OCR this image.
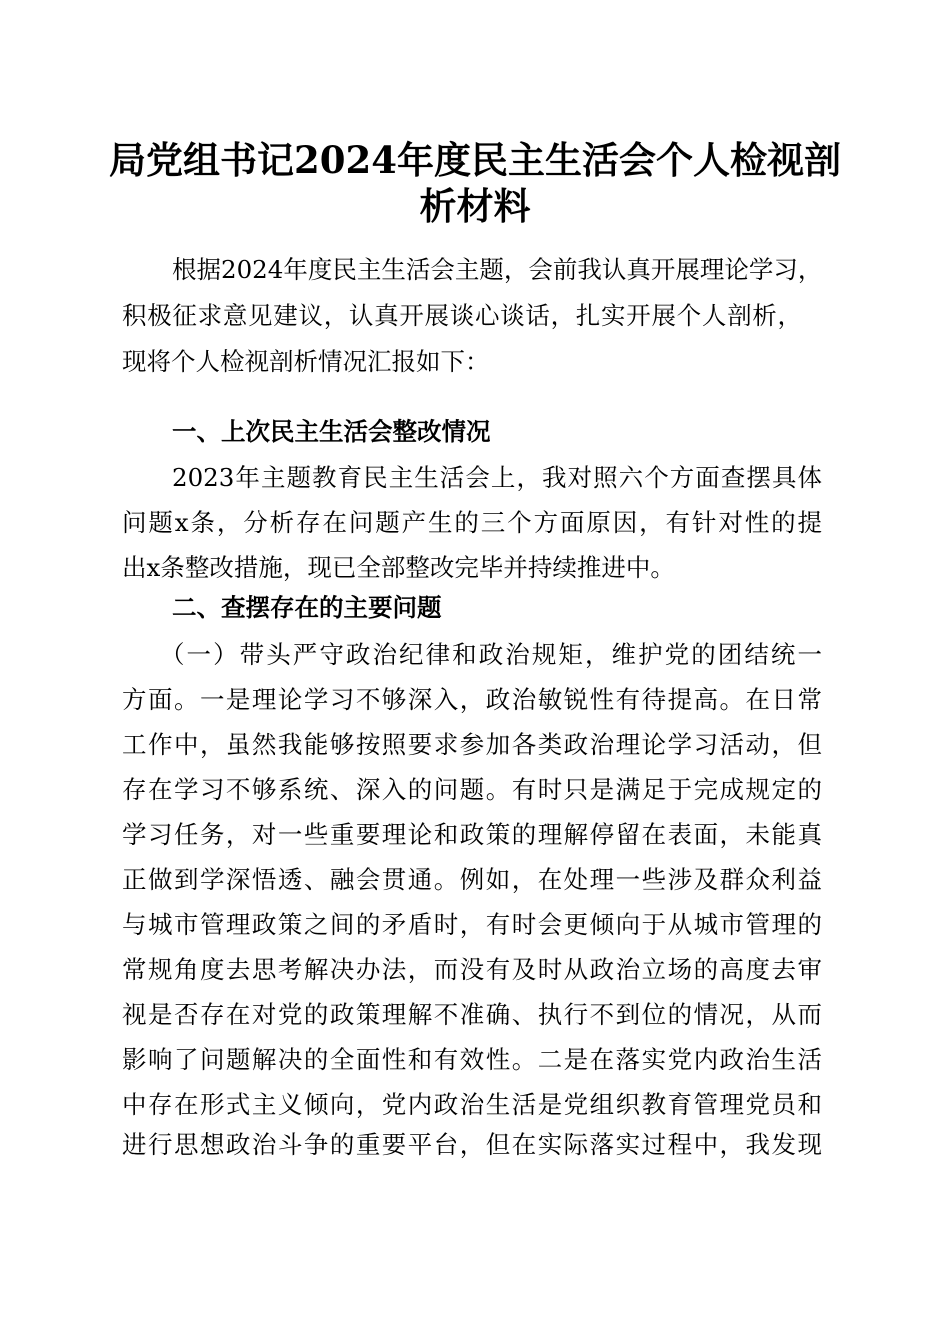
局党组书记2024年度民主生活会个人检视剖
析材料
根据2024年度民主生活会主题，会前我认真开展理论学习，
积极征求意见建议，认真开展谈心谈话，扎实开展个人剖析，
现将个人检视剖析情况汇报如下：
一、上次民主生活会整改情况
2023年主题教育民主生活会上，我对照六个方面查摆具体
问题x条，分析存在问题产生的三个方面原因，有针对性的提
出x条整改措施，现已全部整改完毕并持续推进中。
二、查摆存在的主要问题
（一）带头严守政治纪律和政治规矩，维护党的团结统一
方面。一是理论学习不够深入，政治敏锐性有待提高。在日常
工作中，虽然我能够按照要求参加各类政治理论学习活动，但
存在学习不够系统、深入的问题。有时只是满足于完成规定的
学习任务，对一些重要理论和政策的理解停留在表面，未能真
正做到学深悟透、融会贯通。例如，在处理一些涉及群众利益
与城市管理政策之间的矛盾时，有时会更倾向于从城市管理的
常规角度去思考解决办法，而没有及时从政治立场的高度去审
视是否存在对党的政策理解不准确、执行不到位的情况，从而
影响了问题解决的全面性和有效性。二是在落实党内政治生活
中存在形式主义倾向，党内政治生活是党组织教育管理党员和
进行思想政治斗争的重要平台，但在实际落实过程中，我发现
